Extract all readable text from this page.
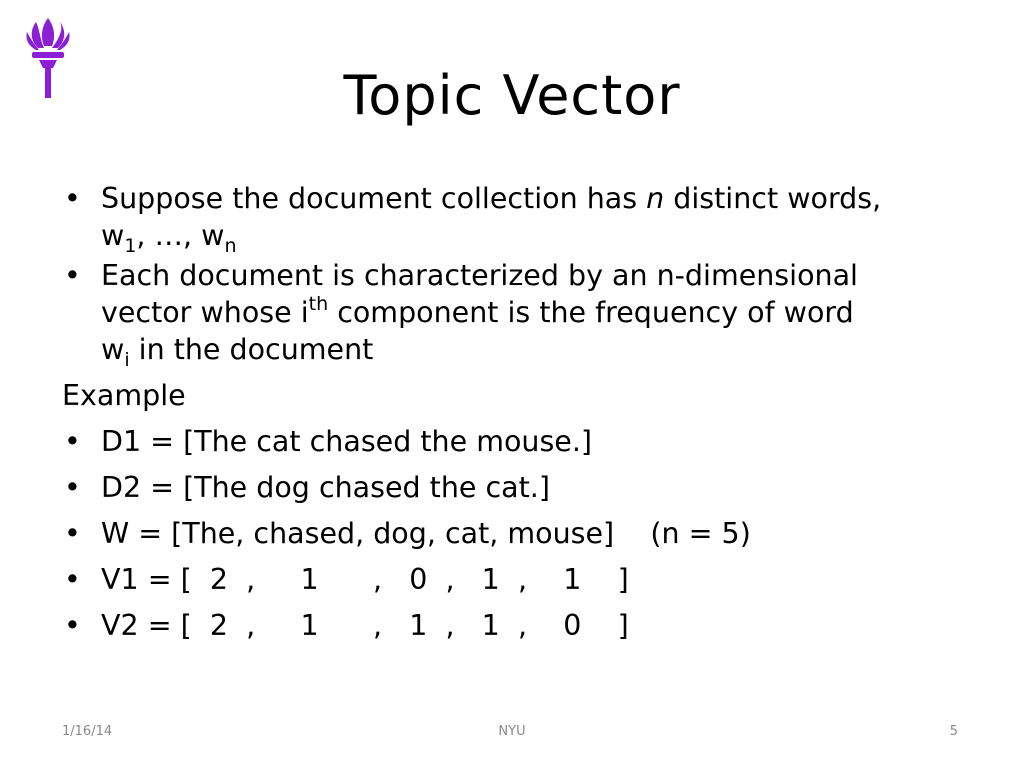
Topic Vector
• Suppose the document collection has n distinct words,
$w_1$, …, $w_n$
• Each document is characterized by an n-dimensional
vector whose $i^{th}$ component is the frequency of word
$w_i$ in the document
Example
• D1 = [The cat chased the mouse.]
• D2 = [The dog chased the cat.]
• W = [The, chased, dog, cat, mouse]    (n = 5)
• V1 = [  2  ,     1      ,   0  ,   1  ,    1    ]
• V2 = [  2  ,     1      ,   1  ,   1  ,    0    ]
1/16/14	NYU	5
